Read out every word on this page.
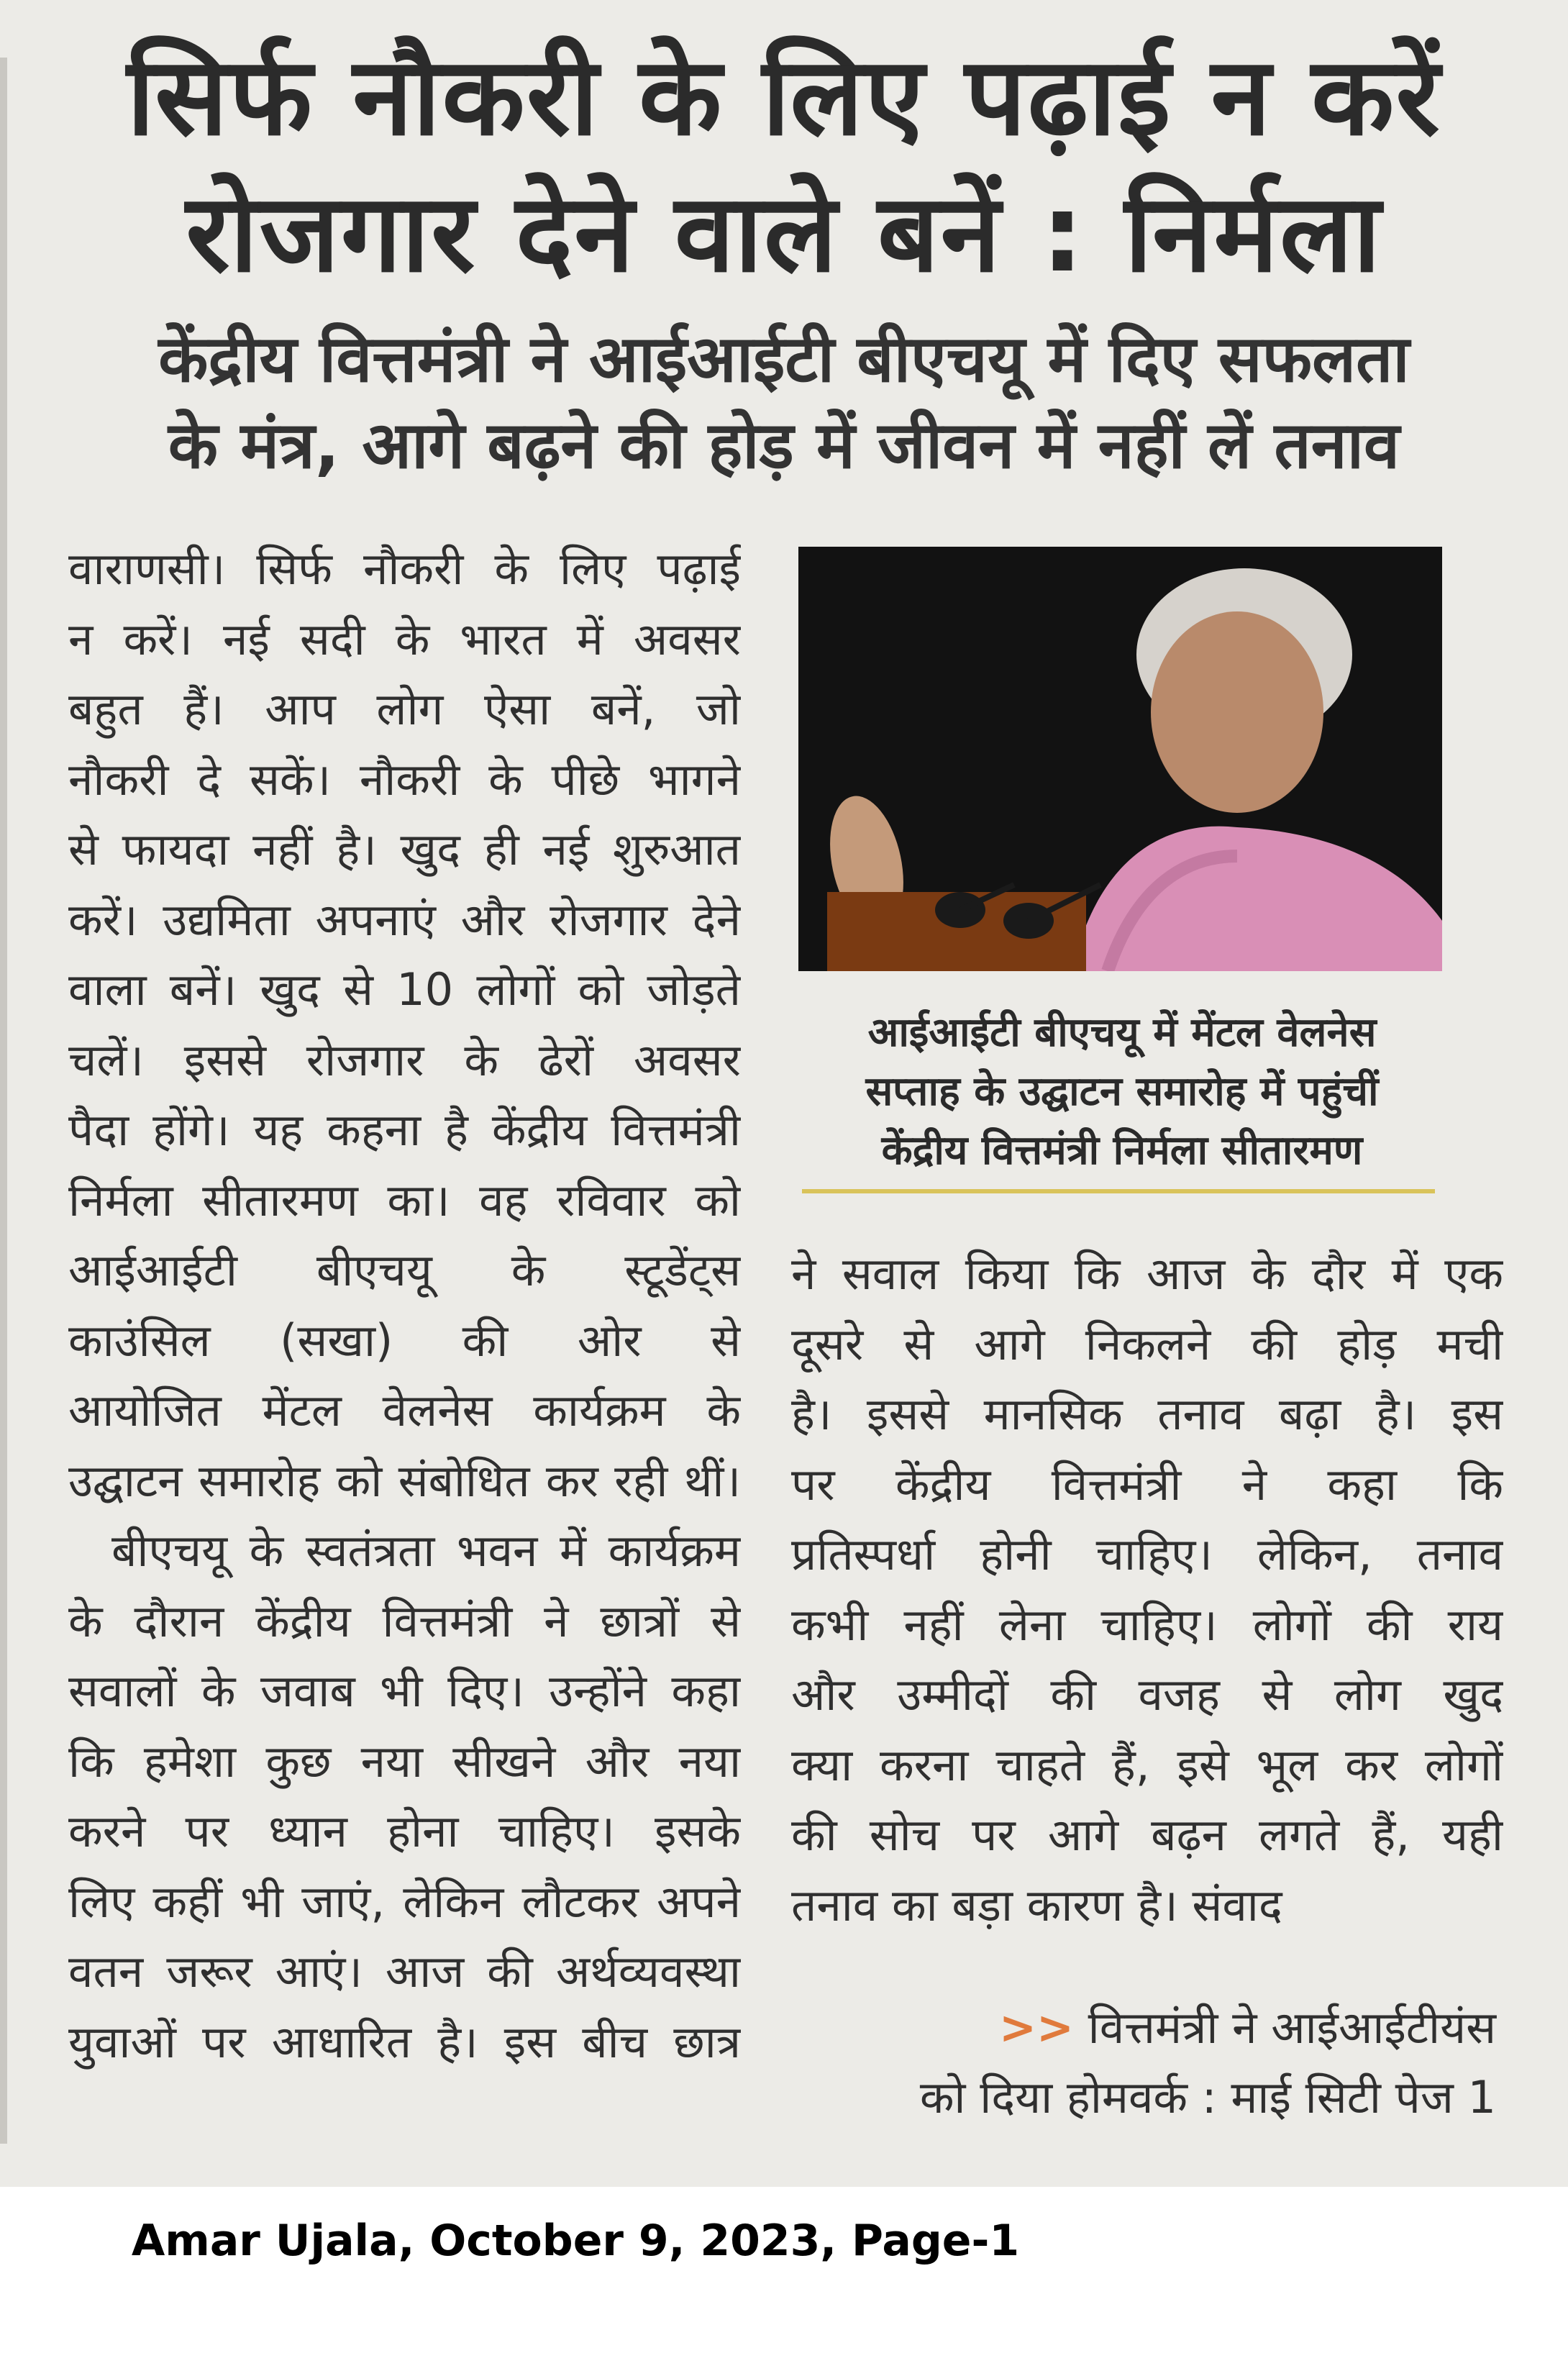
सिर्फ नौकरी के लिए पढ़ाई न करें
रोजगार देने वाले बनें : निर्मला
केंद्रीय वित्तमंत्री ने आईआईटी बीएचयू में दिए सफलता
के मंत्र, आगे बढ़ने की होड़ में जीवन में नहीं लें तनाव
वाराणसी। सिर्फ नौकरी के लिए पढ़ाई
न करें। नई सदी के भारत में अवसर
बहुत हैं। आप लोग ऐसा बनें, जो
नौकरी दे सकें। नौकरी के पीछे भागने
से फायदा नहीं है। खुद ही नई शुरुआत
करें। उद्यमिता अपनाएं और रोजगार देने
वाला बनें। खुद से 10 लोगों को जोड़ते
चलें। इससे रोजगार के ढेरों अवसर
पैदा होंगे। यह कहना है केंद्रीय वित्तमंत्री
निर्मला सीतारमण का। वह रविवार को
आईआईटी बीएचयू के स्टूडेंट्स
काउंसिल (सखा) की ओर से
आयोजित मेंटल वेलनेस कार्यक्रम के
उद्घाटन समारोह को संबोधित कर रही थीं।
बीएचयू के स्वतंत्रता भवन में कार्यक्रम
के दौरान केंद्रीय वित्तमंत्री ने छात्रों से
सवालों के जवाब भी दिए। उन्होंने कहा
कि हमेशा कुछ नया सीखने और नया
करने पर ध्यान होना चाहिए। इसके
लिए कहीं भी जाएं, लेकिन लौटकर अपने
वतन जरूर आएं। आज की अर्थव्यवस्था
युवाओं पर आधारित है। इस बीच छात्र
आईआईटी बीएचयू में मेंटल वेलनेस
सप्ताह के उद्घाटन समारोह में पहुंचीं
केंद्रीय वित्तमंत्री निर्मला सीतारमण
ने सवाल किया कि आज के दौर में एक
दूसरे से आगे निकलने की होड़ मची
है। इससे मानसिक तनाव बढ़ा है। इस
पर केंद्रीय वित्तमंत्री ने कहा कि
प्रतिस्पर्धा होनी चाहिए। लेकिन, तनाव
कभी नहीं लेना चाहिए। लोगों की राय
और उम्मीदों की वजह से लोग खुद
क्या करना चाहते हैं, इसे भूल कर लोगों
की सोच पर आगे बढ़न लगते हैं, यही
तनाव का बड़ा कारण है। संवाद
>> वित्तमंत्री ने आईआईटीयंस
को दिया होमवर्क : माई सिटी पेज 1
Amar Ujala, October 9, 2023, Page-1
